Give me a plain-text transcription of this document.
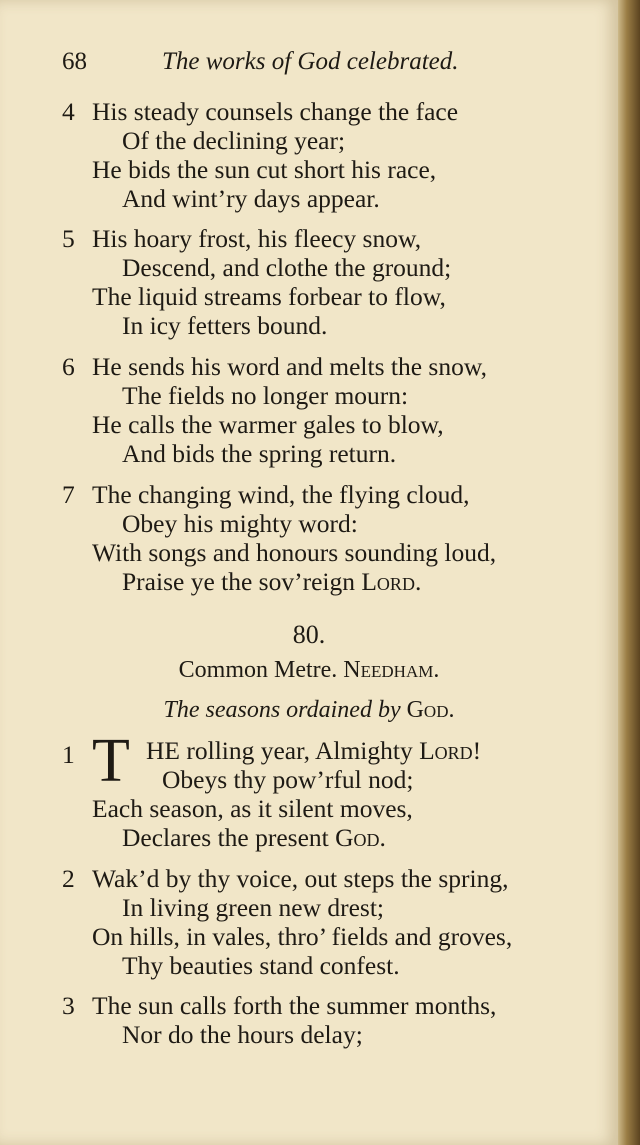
68	The works of God celebrated.
4 His steady counsels change the face
Of the declining year;
He bids the sun cut short his race,
And wint’ry days appear.
5 His hoary frost, his fleecy snow,
Descend, and clothe the ground;
The liquid streams forbear to flow,
In icy fetters bound.
6 He sends his word and melts the snow,
The fields no longer mourn:
He calls the warmer gales to blow,
And bids the spring return.
7 The changing wind, the flying cloud,
Obey his mighty word:
With songs and honours sounding loud,
Praise ye the sov’reign Lord.
80.
Common Metre. Needham.
The seasons ordained by God.
1 T HE rolling year, Almighty Lord!
Obeys thy pow’rful nod;
Each season, as it silent moves,
Declares the present God.
2 Wak’d by thy voice, out steps the spring,
In living green new drest;
On hills, in vales, thro’ fields and groves,
Thy beauties stand confest.
3 The sun calls forth the summer months,
Nor do the hours delay;
